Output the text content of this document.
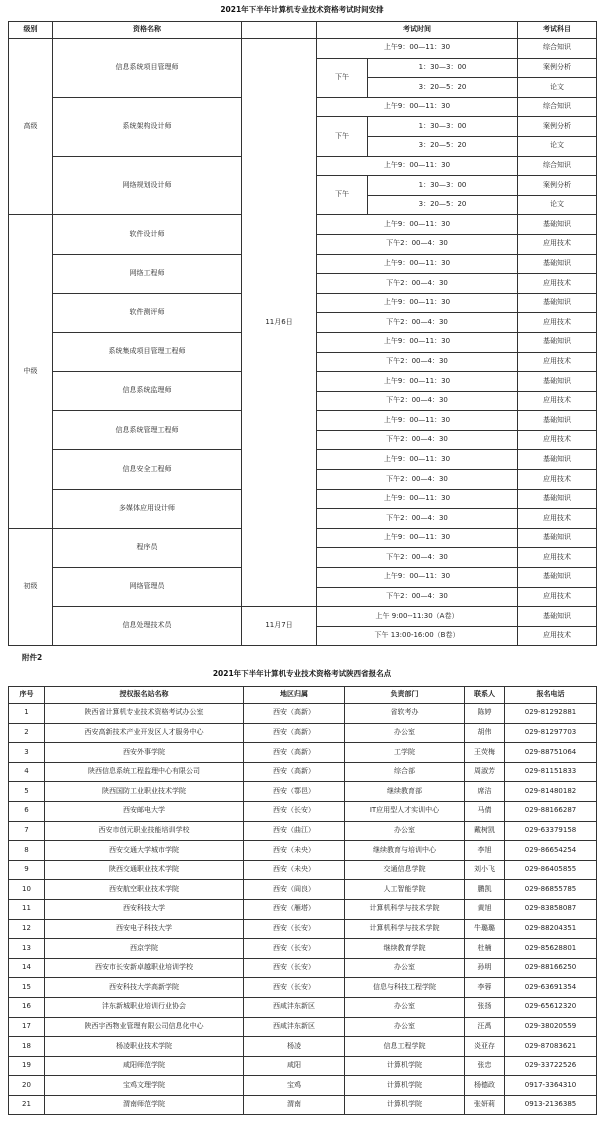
2021年下半年计算机专业技术资格考试时间安排
级别	资格名称		考试时间		考试科目
高级	信息系统项目管理师	11月6日	上午9：00—11：30		综合知识
			下午	1：30—3：00	案例分析
				3：20—5：20	论文
	系统架构设计师		上午9：00—11：30		综合知识
			下午	1：30—3：00	案例分析
				3：20—5：20	论文
	网络规划设计师		上午9：00—11：30		综合知识
			下午	1：30—3：00	案例分析
				3：20—5：20	论文
中级	软件设计师		上午9：00—11：30		基础知识
			下午2：00—4：30		应用技术
	网络工程师		上午9：00—11：30		基础知识
			下午2：00—4：30		应用技术
	软件测评师		上午9：00—11：30		基础知识
			下午2：00—4：30		应用技术
	系统集成项目管理工程师		上午9：00—11：30		基础知识
			下午2：00—4：30		应用技术
	信息系统监理师		上午9：00—11：30		基础知识
			下午2：00—4：30		应用技术
	信息系统管理工程师		上午9：00—11：30		基础知识
			下午2：00—4：30		应用技术
	信息安全工程师		上午9：00—11：30		基础知识
			下午2：00—4：30		应用技术
	多媒体应用设计师		上午9：00—11：30		基础知识
			下午2：00—4：30		应用技术
初级	程序员		上午9：00—11：30		基础知识
			下午2：00—4：30		应用技术
	网络管理员		上午9：00—11：30		基础知识
			下午2：00—4：30		应用技术
	信息处理技术员	11月7日	上午 9:00--11:30（A卷）		基础知识
			下午 13:00-16:00（B卷）		应用技术
附件2
2021年下半年计算机专业技术资格考试陕西省报名点
序号	授权报名站名称	地区归属	负责部门	联系人	报名电话
1	陕西省计算机专业技术资格考试办公室	西安（高新）	省软考办	陈婷	029-81292881
2	西安高新技术产业开发区人才服务中心	西安（高新）	办公室	胡伟	029-81297703
3	西安外事学院	西安（高新）	工学院	王荧梅	029-88751064
4	陕西信息系统工程监理中心有限公司	西安（高新）	综合部	周淑芳	029-81151833
5	陕西国防工业职业技术学院	西安（鄠邑）	继续教育部	席洁	029-81480182
6	西安邮电大学	西安（长安）	IT应用型人才实训中心	马倩	029-88166287
7	西安市创元职业技能培训学校	西安（曲江）	办公室	戴树凯	029-63379158
8	西安交通大学城市学院	西安（未央）	继续教育与培训中心	李旭	029-86654254
9	陕西交通职业技术学院	西安（未央）	交通信息学院	刘小飞	029-86405855
10	西安航空职业技术学院	西安（阎良）	人工智能学院	鹏凯	029-86855785
11	西安科技大学	西安（雁塔）	计算机科学与技术学院	黄旭	029-83858087
12	西安电子科技大学	西安（长安）	计算机科学与技术学院	牛璐璐	029-88204351
13	西京学院	西安（长安）	继续教育学院	杜楠	029-85628801
14	西安市长安新卓越职业培训学校	西安（长安）	办公室	孙明	029-88166250
15	西安科技大学高新学院	西安（长安）	信息与科技工程学院	李蓉	029-63691354
16	沣东新城职业培训行业协会	西咸沣东新区	办公室	张扬	029-65612320
17	陕西宇西物业管理有限公司信息化中心	西咸沣东新区	办公室	汪禹	029-38020559
18	杨凌职业技术学院	杨凌	信息工程学院	炎亚存	029-87083621
19	咸阳师范学院	咸阳	计算机学院	张忠	029-33722526
20	宝鸡文理学院	宝鸡	计算机学院	杨德政	0917-3364310
21	渭南师范学院	渭南	计算机学院	张妍莉	0913-2136385
